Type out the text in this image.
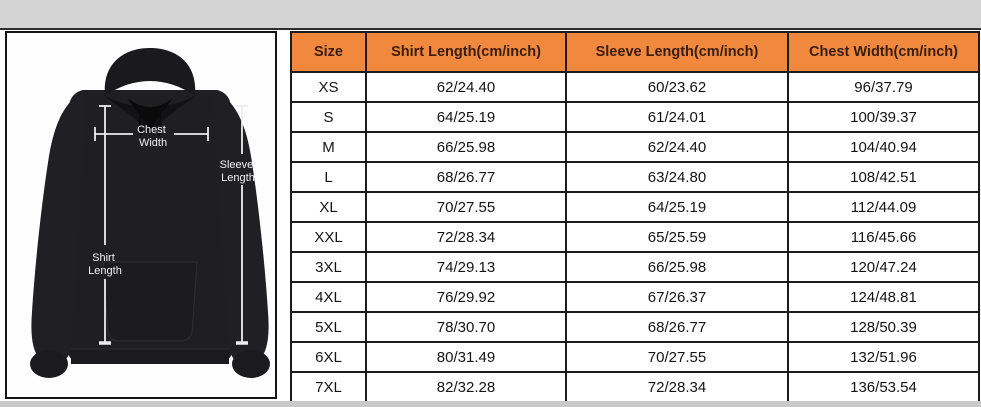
Chest Width
Shirt Length
Sleeve Length
Size	Shirt Length(cm/inch)	Sleeve Length(cm/inch)	Chest Width(cm/inch)
XS	62/24.40	60/23.62	96/37.79
S	64/25.19	61/24.01	100/39.37
M	66/25.98	62/24.40	104/40.94
L	68/26.77	63/24.80	108/42.51
XL	70/27.55	64/25.19	112/44.09
XXL	72/28.34	65/25.59	116/45.66
3XL	74/29.13	66/25.98	120/47.24
4XL	76/29.92	67/26.37	124/48.81
5XL	78/30.70	68/26.77	128/50.39
6XL	80/31.49	70/27.55	132/51.96
7XL	82/32.28	72/28.34	136/53.54
